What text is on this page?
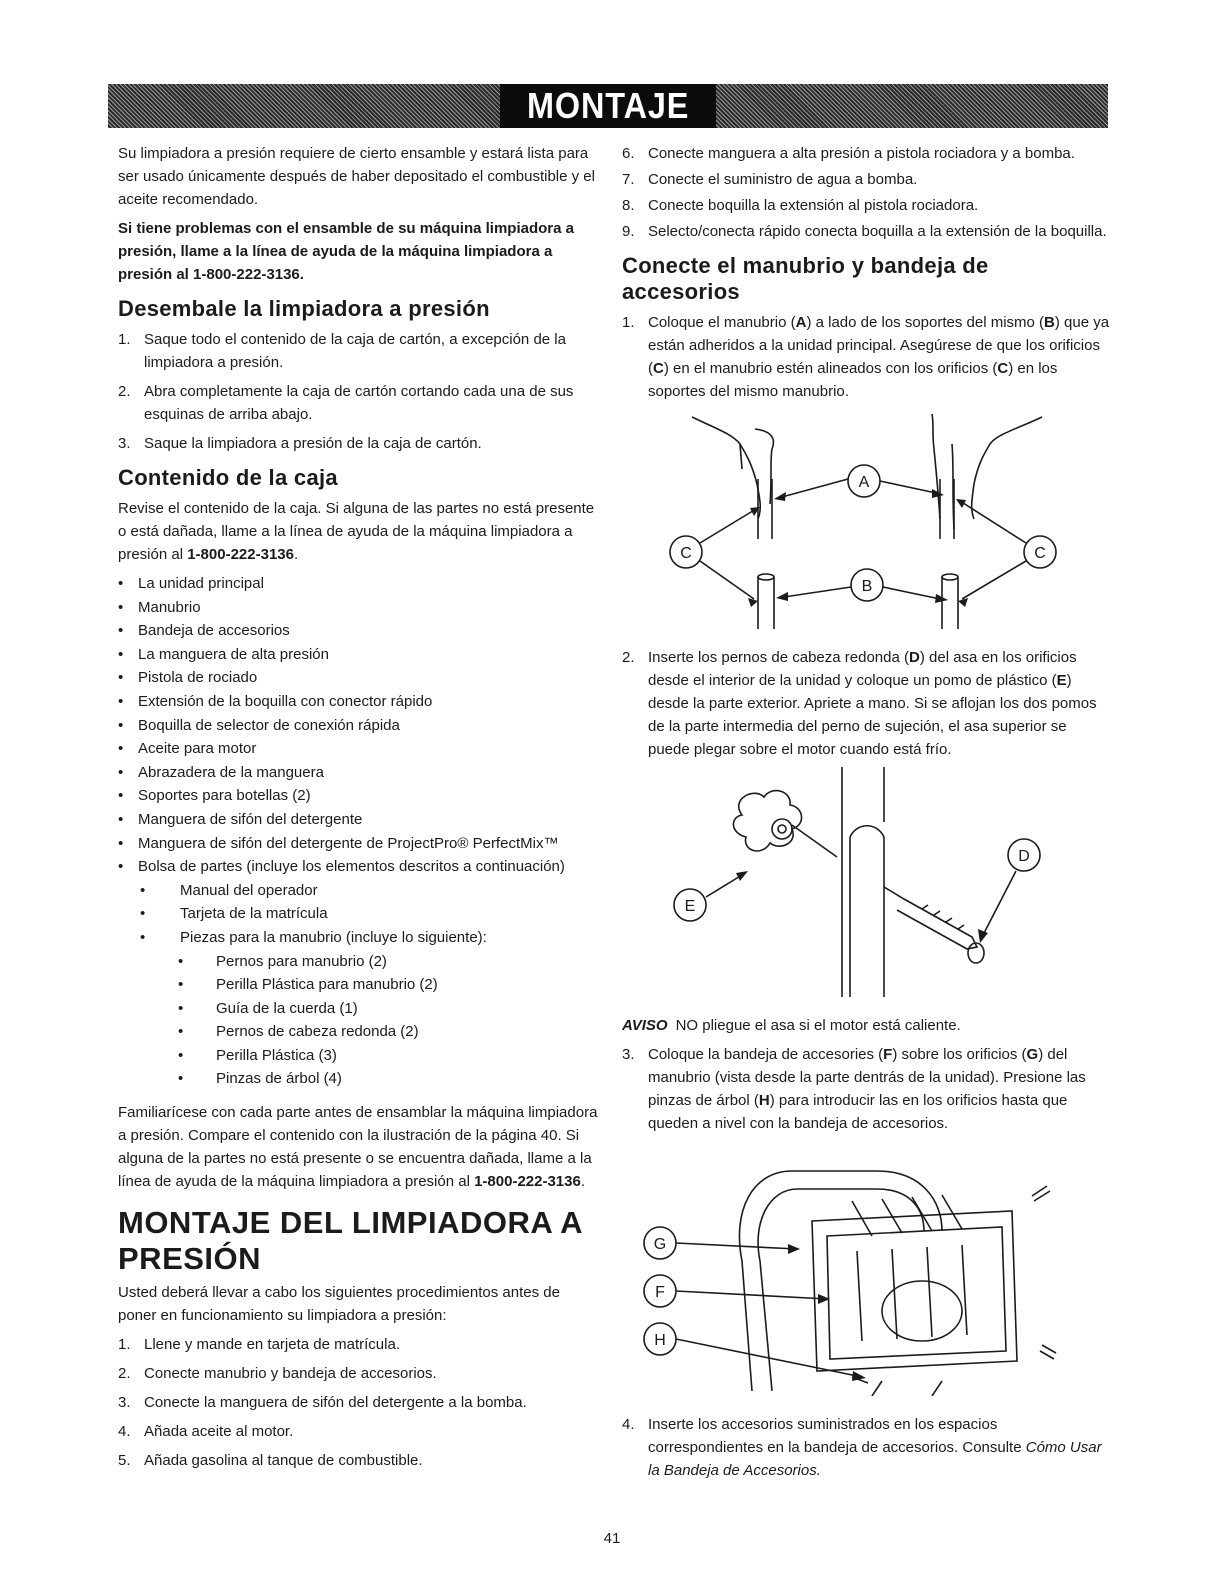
MONTAJE

Su limpiadora a presión requiere de cierto ensamble y estará lista para ser usado únicamente después de haber depositado el combustible y el aceite recomendado.

Si tiene problemas con el ensamble de su máquina limpiadora a presión, llame a la línea de ayuda de la máquina limpiadora a presión al 1-800-222-3136.

Desembale la limpiadora a presión
1. Saque todo el contenido de la caja de cartón, a excepción de la limpiadora a presión.
2. Abra completamente la caja de cartón cortando cada una de sus esquinas de arriba abajo.
3. Saque la limpiadora a presión de la caja de cartón.
Contenido de la caja

Revise el contenido de la caja. Si alguna de las partes no está presente o está dañada, llame a la línea de ayuda de la máquina limpiadora a presión al 1-800-222-3136.

• La unidad principal
• Manubrio
• Bandeja de accesorios
• La manguera de alta presión
• Pistola de rociado
• Extensión de la boquilla con conector rápido
• Boquilla de selector de conexión rápida
• Aceite para motor
• Abrazadera de la manguera
• Soportes para botellas (2)
• Manguera de sifón del detergente
• Manguera de sifón del detergente de ProjectPro® PerfectMix™
• Bolsa de partes (incluye los elementos descritos a continuación)
• Manual del operador
• Tarjeta de la matrícula
• Piezas para la manubrio (incluye lo siguiente):
• Pernos para manubrio (2)
• Perilla Plástica para manubrio (2)
• Guía de la cuerda (1)
• Pernos de cabeza redonda (2)
• Perilla Plástica (3)
• Pinzas de árbol (4)

Familiarícese con cada parte antes de ensamblar la máquina limpiadora a presión. Compare el contenido con la ilustración de la página 40. Si alguna de la partes no está presente o se encuentra dañada, llame a la línea de ayuda de la máquina limpiadora a presión al 1-800-222-3136.

MONTAJE DEL LIMPIADORA A PRESIÓN

Usted deberá llevar a cabo los siguientes procedimientos antes de poner en funcionamiento su limpiadora a presión:

1. Llene y mande en tarjeta de matrícula.
2. Conecte manubrio y bandeja de accesorios.
3. Conecte la manguera de sifón del detergente a la bomba.
4. Añada aceite al motor.
5. Añada gasolina al tanque de combustible.
6. Conecte manguera a alta presión a pistola rociadora y a bomba.
7. Conecte el suministro de agua a bomba.
8. Conecte boquilla la extensión al pistola rociadora.
9. Selecto/conecta rápido conecta boquilla a la extensión de la boquilla.
Conecte el manubrio y bandeja de accesorios
1. Coloque el manubrio (A) a lado de los soportes del mismo (B) que ya están adheridos a la unidad principal. Asegúrese de que los orificios (C) en el manubrio estén alineados con los orificios (C) en los soportes del mismo manubrio.
A
B
C	C
2. Inserte los pernos de cabeza redonda (D) del asa en los orificios desde el interior de la unidad y coloque un pomo de plástico (E) desde la parte exterior. Apriete a mano. Si se aflojan los dos pomos de la parte intermedia del perno de sujeción, el asa superior se puede plegar sobre el motor cuando está frío.
D
E

AVISO NO pliegue el asa si el motor está caliente.

3. Coloque la bandeja de accesories (F) sobre los orificios (G) del manubrio (vista desde la parte dentrás de la unidad). Presione las pinzas de árbol (H) para introducir las en los orificios hasta que queden a nivel con la bandeja de accesorios.
G
F
H
4. Inserte los accesorios suministrados en los espacios correspondientes en la bandeja de accesorios. Consulte Cómo Usar la Bandeja de Accesorios.
41
